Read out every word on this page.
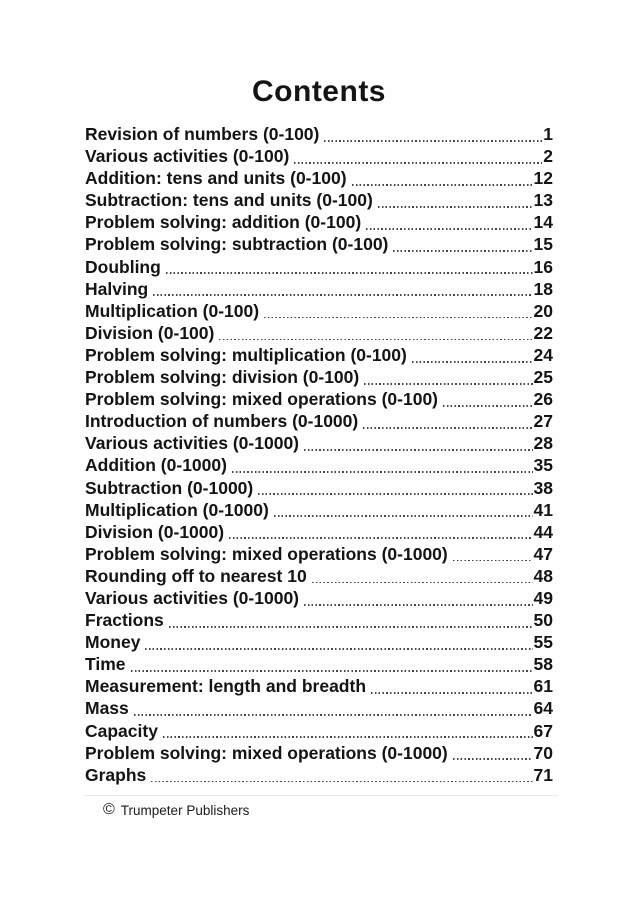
Contents
Revision of numbers (0-100)	1
Various activities (0-100)	2
Addition: tens and units (0-100)	12
Subtraction: tens and units (0-100)	13
Problem solving: addition (0-100)	14
Problem solving: subtraction (0-100)	15
Doubling	16
Halving	18
Multiplication (0-100)	20
Division (0-100)	22
Problem solving: multiplication (0-100)	24
Problem solving: division (0-100)	25
Problem solving: mixed operations (0-100)	26
Introduction of numbers (0-1000)	27
Various activities (0-1000)	28
Addition (0-1000)	35
Subtraction (0-1000)	38
Multiplication (0-1000)	41
Division (0-1000)	44
Problem solving: mixed operations (0-1000)	47
Rounding off to nearest 10	48
Various activities (0-1000)	49
Fractions	50
Money	55
Time	58
Measurement: length and breadth	61
Mass	64
Capacity	67
Problem solving: mixed operations (0-1000)	70
Graphs	71
© Trumpeter Publishers
